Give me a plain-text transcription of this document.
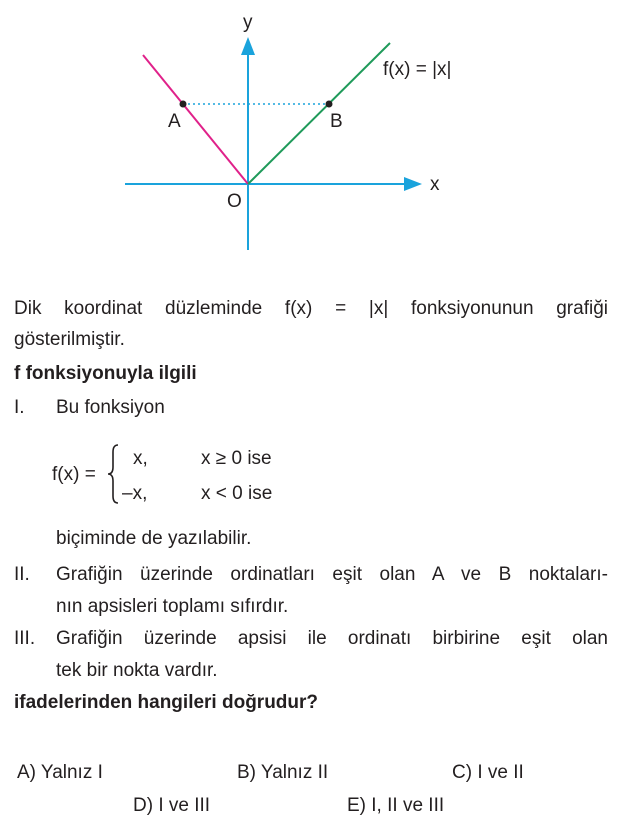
y
x
O
A	B
f(x) = |x|

Dik koordinat düzleminde f(x) = |x| fonksiyonunun grafiği

gösterilmiştir.

f fonksiyonuyla ilgili

I. Bu fonksiyon

f(x) =
x,	x ≥ 0 ise
–x,	x < 0 ise

biçiminde de yazılabilir.

II. Grafiğin üzerinde ordinatları eşit olan A ve B noktaları-

nın apsisleri toplamı sıfırdır.

III. Grafiğin üzerinde apsisi ile ordinatı birbirine eşit olan

tek bir nokta vardır.

ifadelerinden hangileri doğrudur?

A) Yalnız I	B) Yalnız II	C) I ve II

D) I ve III	E) I, II ve III
